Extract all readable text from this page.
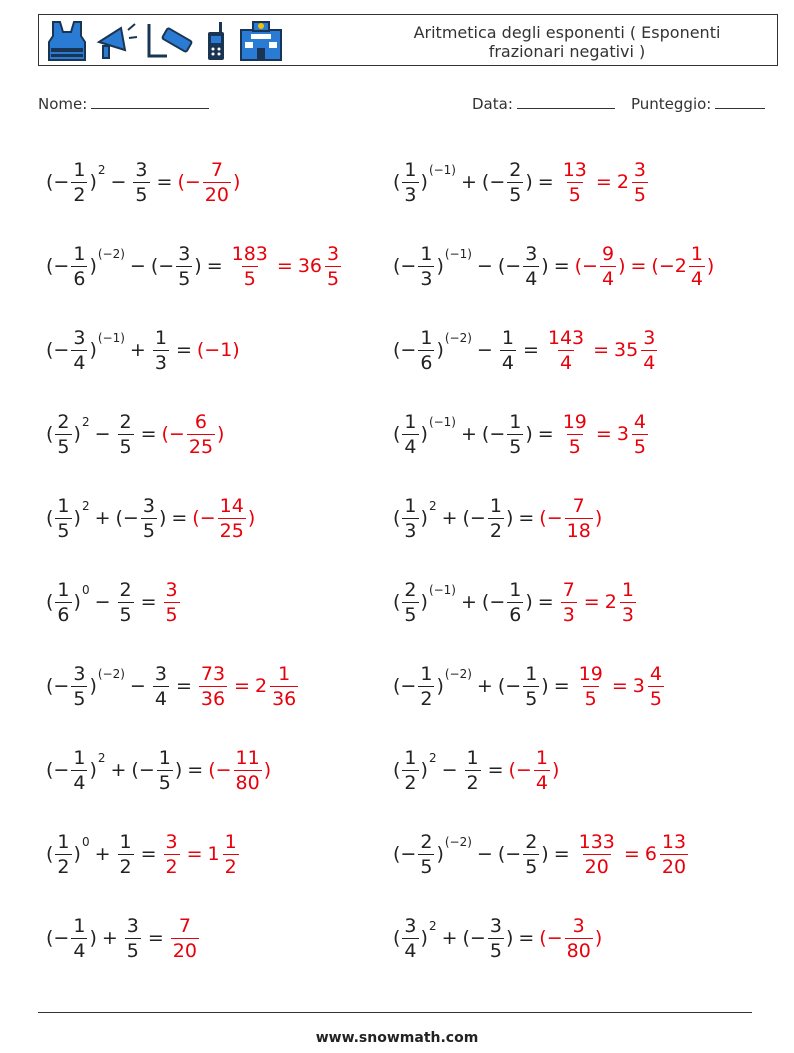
Aritmetica degli esponenti ( Esponenti frazionari negativi )
Nome:	Data:	Punteggio:
(− $\frac{1}{2}$ )
2
− $\frac{3}{5}$ = (− $\frac{7}{20}$ )
(− $\frac{1}{6}$ )
(−2)
− (− $\frac{3}{5}$ ) = $\frac{183}{5} = 36 \frac{3}{5}$
(− $\frac{3}{4}$ )
(−1)
+ $\frac{1}{3} = (-1)$
( $\frac{2}{5}$ )
2
− $\frac{2}{5}$ = (− $\frac{6}{25}$ )
( $\frac{1}{5}$ )
2
+ (− $\frac{3}{5}$ ) = (− $\frac{14}{25}$ )
( $\frac{1}{6}$ )
0
− $\frac{2}{5} = \frac{3}{5}$
(− $\frac{3}{5}$ )
(−2)
− $\frac{3}{4} = \frac{73}{36} = 2 \frac{1}{36}$
(− $\frac{1}{4}$ )
2
+ (− $\frac{1}{5}$ ) = (− $\frac{11}{80}$ )
( $\frac{1}{2}$ )
0
+ $\frac{1}{2} = \frac{3}{2} = 1 \frac{1}{2}$
(− $\frac{1}{4}$ ) + $\frac{3}{5} = \frac{7}{20}$
( $\frac{1}{3}$ )
(−1)
+ (− $\frac{2}{5}$ ) = $\frac{13}{5} = 2 \frac{3}{5}$
(− $\frac{1}{3}$ )
(−1)
− (− $\frac{3}{4}$ ) = (− $\frac{9}{4}$ ) = ($-2 \frac{1}{4}$ )
(− $\frac{1}{6}$ )
(−2)
− $\frac{1}{4} = \frac{143}{4} = 35 \frac{3}{4}$
( $\frac{1}{4}$ )
(−1)
+ (− $\frac{1}{5}$ ) = $\frac{19}{5} = 3 \frac{4}{5}$
( $\frac{1}{3}$ )
2
+ (− $\frac{1}{2}$ ) = (− $\frac{7}{18}$ )
( $\frac{2}{5}$ )
(−1)
+ (− $\frac{1}{6}$ ) = $\frac{7}{3} = 2 \frac{1}{3}$
(− $\frac{1}{2}$ )
(−2)
+ (− $\frac{1}{5}$ ) = $\frac{19}{5} = 3 \frac{4}{5}$
( $\frac{1}{2}$ )
2
− $\frac{1}{2}$ = (− $\frac{1}{4}$ )
(− $\frac{2}{5}$ )
(−2)
− (− $\frac{2}{5}$ ) = $\frac{133}{20} = 6 \frac{13}{20}$
( $\frac{3}{4}$ )
2
+ (− $\frac{3}{5}$ ) = (− $\frac{3}{80}$ )
www.snowmath.com
